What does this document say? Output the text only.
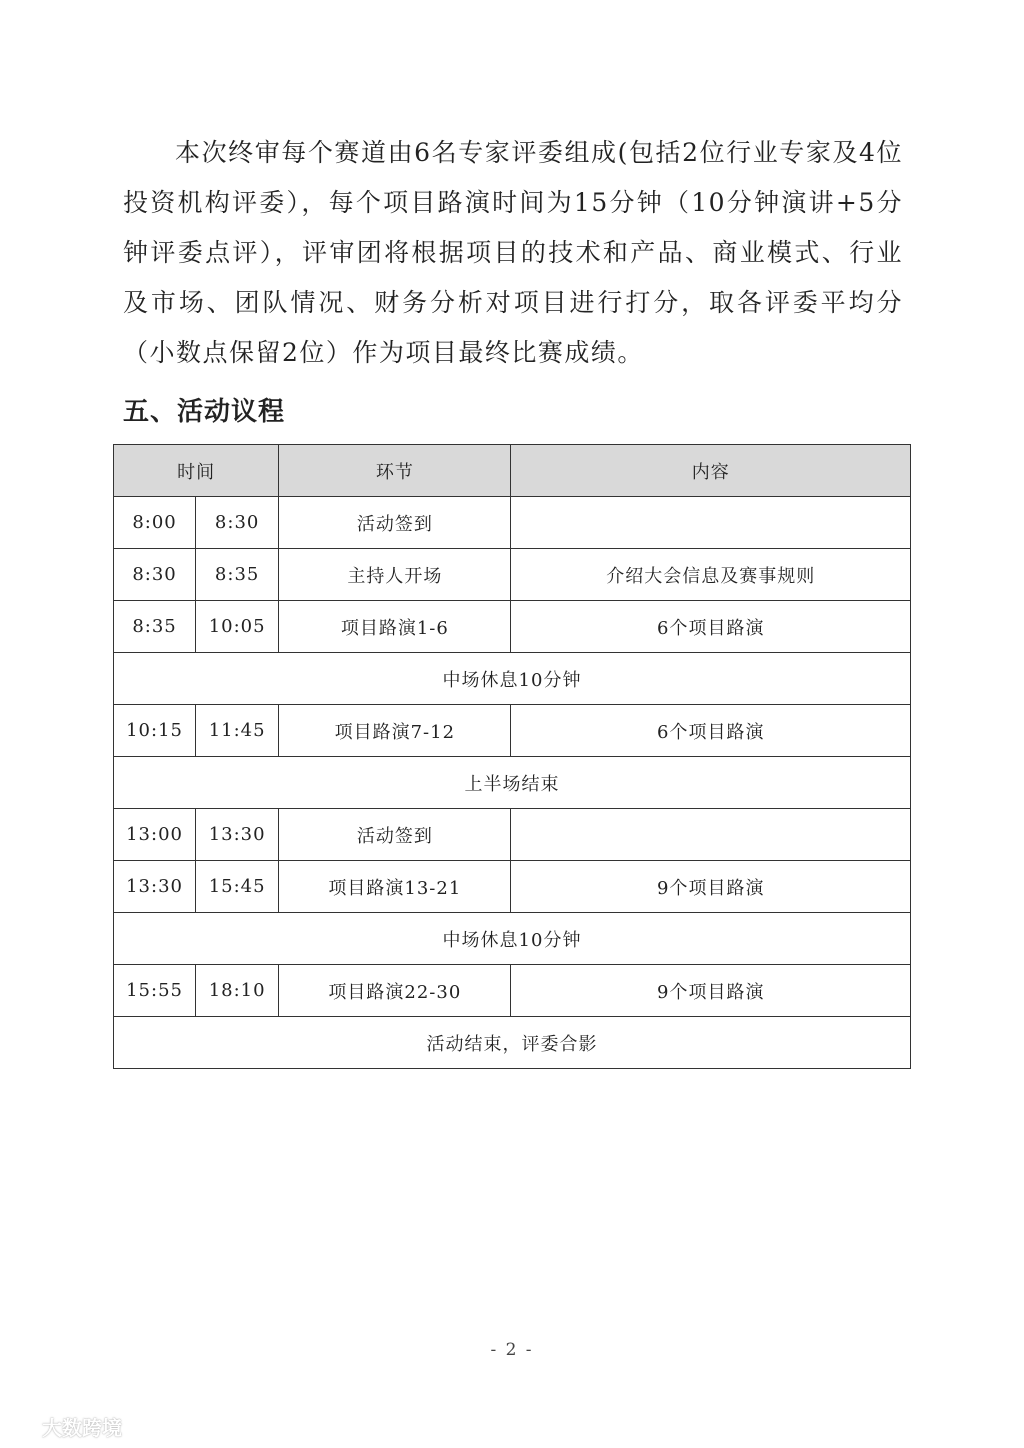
本次终审每个赛道由6名专家评委组成(包括2位行业专家及4位投资机构评委），每个项目路演时间为15分钟（10分钟演讲+5分钟评委点评），评审团将根据项目的技术和产品、商业模式、行业及市场、团队情况、财务分析对项目进行打分，取各评委平均分（小数点保留2位）作为项目最终比赛成绩。

五、活动议程
时间		环节	内容
8:00	8:30	活动签到	
8:30	8:35	主持人开场	介绍大会信息及赛事规则
8:35	10:05	项目路演1-6	6个项目路演
中场休息10分钟			
10:15	11:45	项目路演7-12	6个项目路演
上半场结束			
13:00	13:30	活动签到	
13:30	15:45	项目路演13-21	9个项目路演
中场休息10分钟			
15:55	18:10	项目路演22-30	9个项目路演
活动结束，评委合影			
- 2 -
大数跨境
